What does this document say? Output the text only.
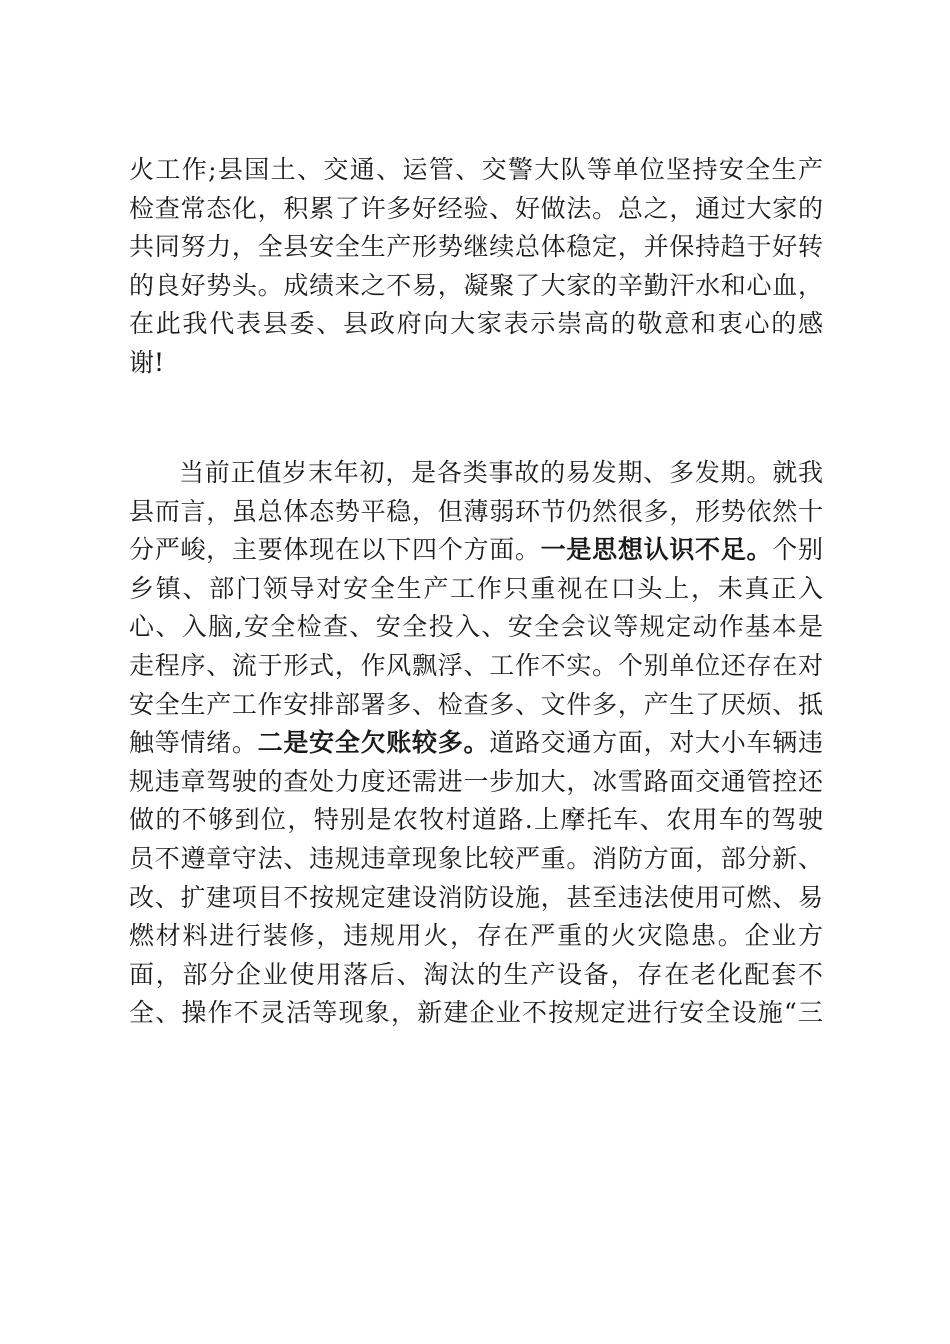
火工作;县国土、交通、运管、交警大队等单位坚持安全生产
检查常态化，积累了许多好经验、好做法。总之，通过大家的
共同努力，全县安全生产形势继续总体稳定，并保持趋于好转
的良好势头。成绩来之不易，凝聚了大家的辛勤汗水和心血，
在此我代表县委、县政府向大家表示崇高的敬意和衷心的感
谢!
当前正值岁末年初，是各类事故的易发期、多发期。就我
县而言，虽总体态势平稳，但薄弱环节仍然很多，形势依然十
分严峻，主要体现在以下四个方面。一是思想认识不足。个别
乡镇、部门领导对安全生产工作只重视在口头上，未真正入
心、入脑,安全检查、安全投入、安全会议等规定动作基本是
走程序、流于形式，作风飘浮、工作不实。个别单位还存在对
安全生产工作安排部署多、检查多、文件多，产生了厌烦、抵
触等情绪。二是安全欠账较多。道路交通方面，对大小车辆违
规违章驾驶的查处力度还需进一步加大，冰雪路面交通管控还
做的不够到位，特别是农牧村道路.上摩托车、农用车的驾驶
员不遵章守法、违规违章现象比较严重。消防方面，部分新、
改、扩建项目不按规定建设消防设施，甚至违法使用可燃、易
燃材料进行装修，违规用火，存在严重的火灾隐患。企业方
面，部分企业使用落后、淘汰的生产设备，存在老化配套不
全、操作不灵活等现象，新建企业不按规定进行安全设施“三
